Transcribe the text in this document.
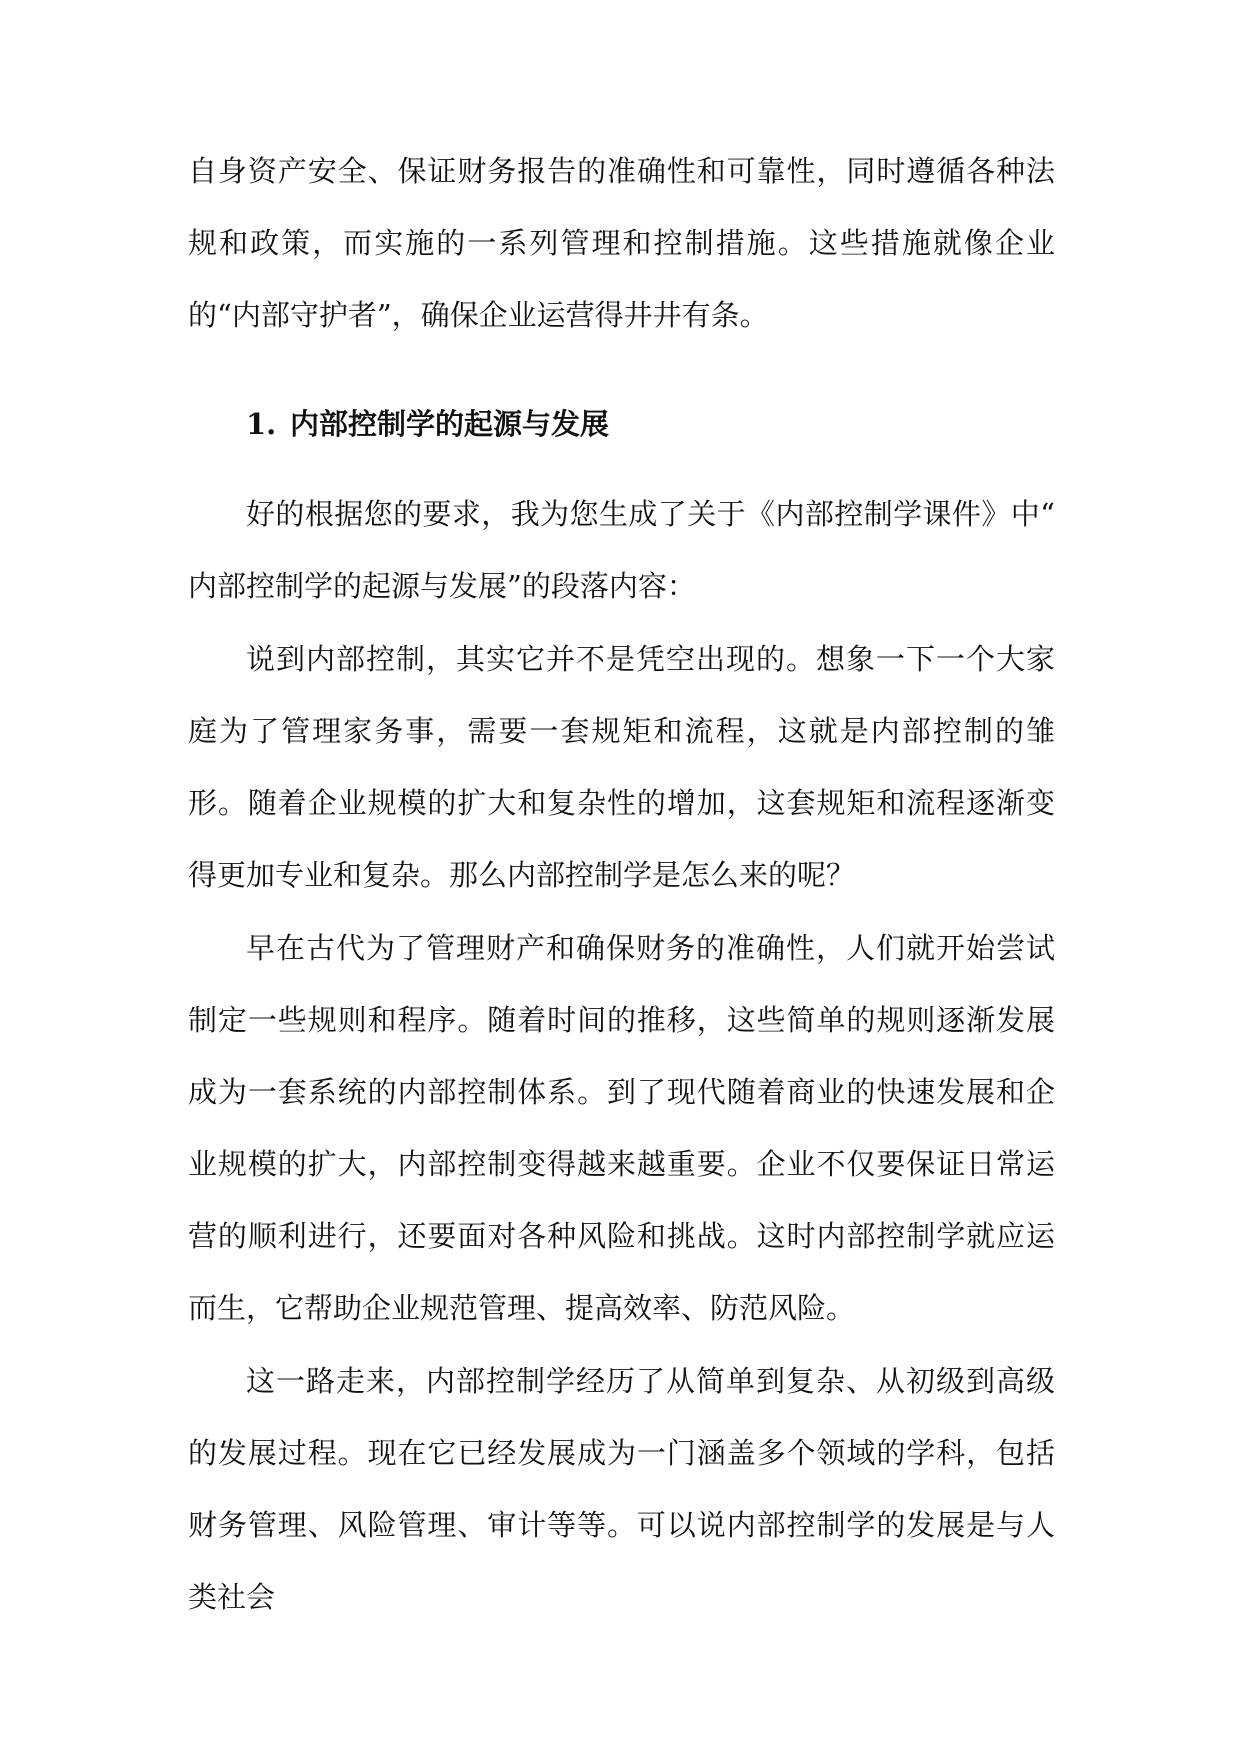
自身资产安全、保证财务报告的准确性和可靠性，同时遵循各种法规和政策，而实施的一系列管理和控制措施。这些措施就像企业的“内部守护者”，确保企业运营得井井有条。

1. 内部控制学的起源与发展

好的根据您的要求，我为您生成了关于《内部控制学课件》中“ 内部控制学的起源与发展”的段落内容：

说到内部控制，其实它并不是凭空出现的。想象一下一个大家庭为了管理家务事，需要一套规矩和流程，这就是内部控制的雏形。随着企业规模的扩大和复杂性的增加，这套规矩和流程逐渐变得更加专业和复杂。那么内部控制学是怎么来的呢？

早在古代为了管理财产和确保财务的准确性，人们就开始尝试制定一些规则和程序。随着时间的推移，这些简单的规则逐渐发展成为一套系统的内部控制体系。到了现代随着商业的快速发展和企业规模的扩大，内部控制变得越来越重要。企业不仅要保证日常运营的顺利进行，还要面对各种风险和挑战。这时内部控制学就应运而生，它帮助企业规范管理、提高效率、防范风险。

这一路走来，内部控制学经历了从简单到复杂、从初级到高级的发展过程。现在它已经发展成为一门涵盖多个领域的学科，包括财务管理、风险管理、审计等等。可以说内部控制学的发展是与人类社会
